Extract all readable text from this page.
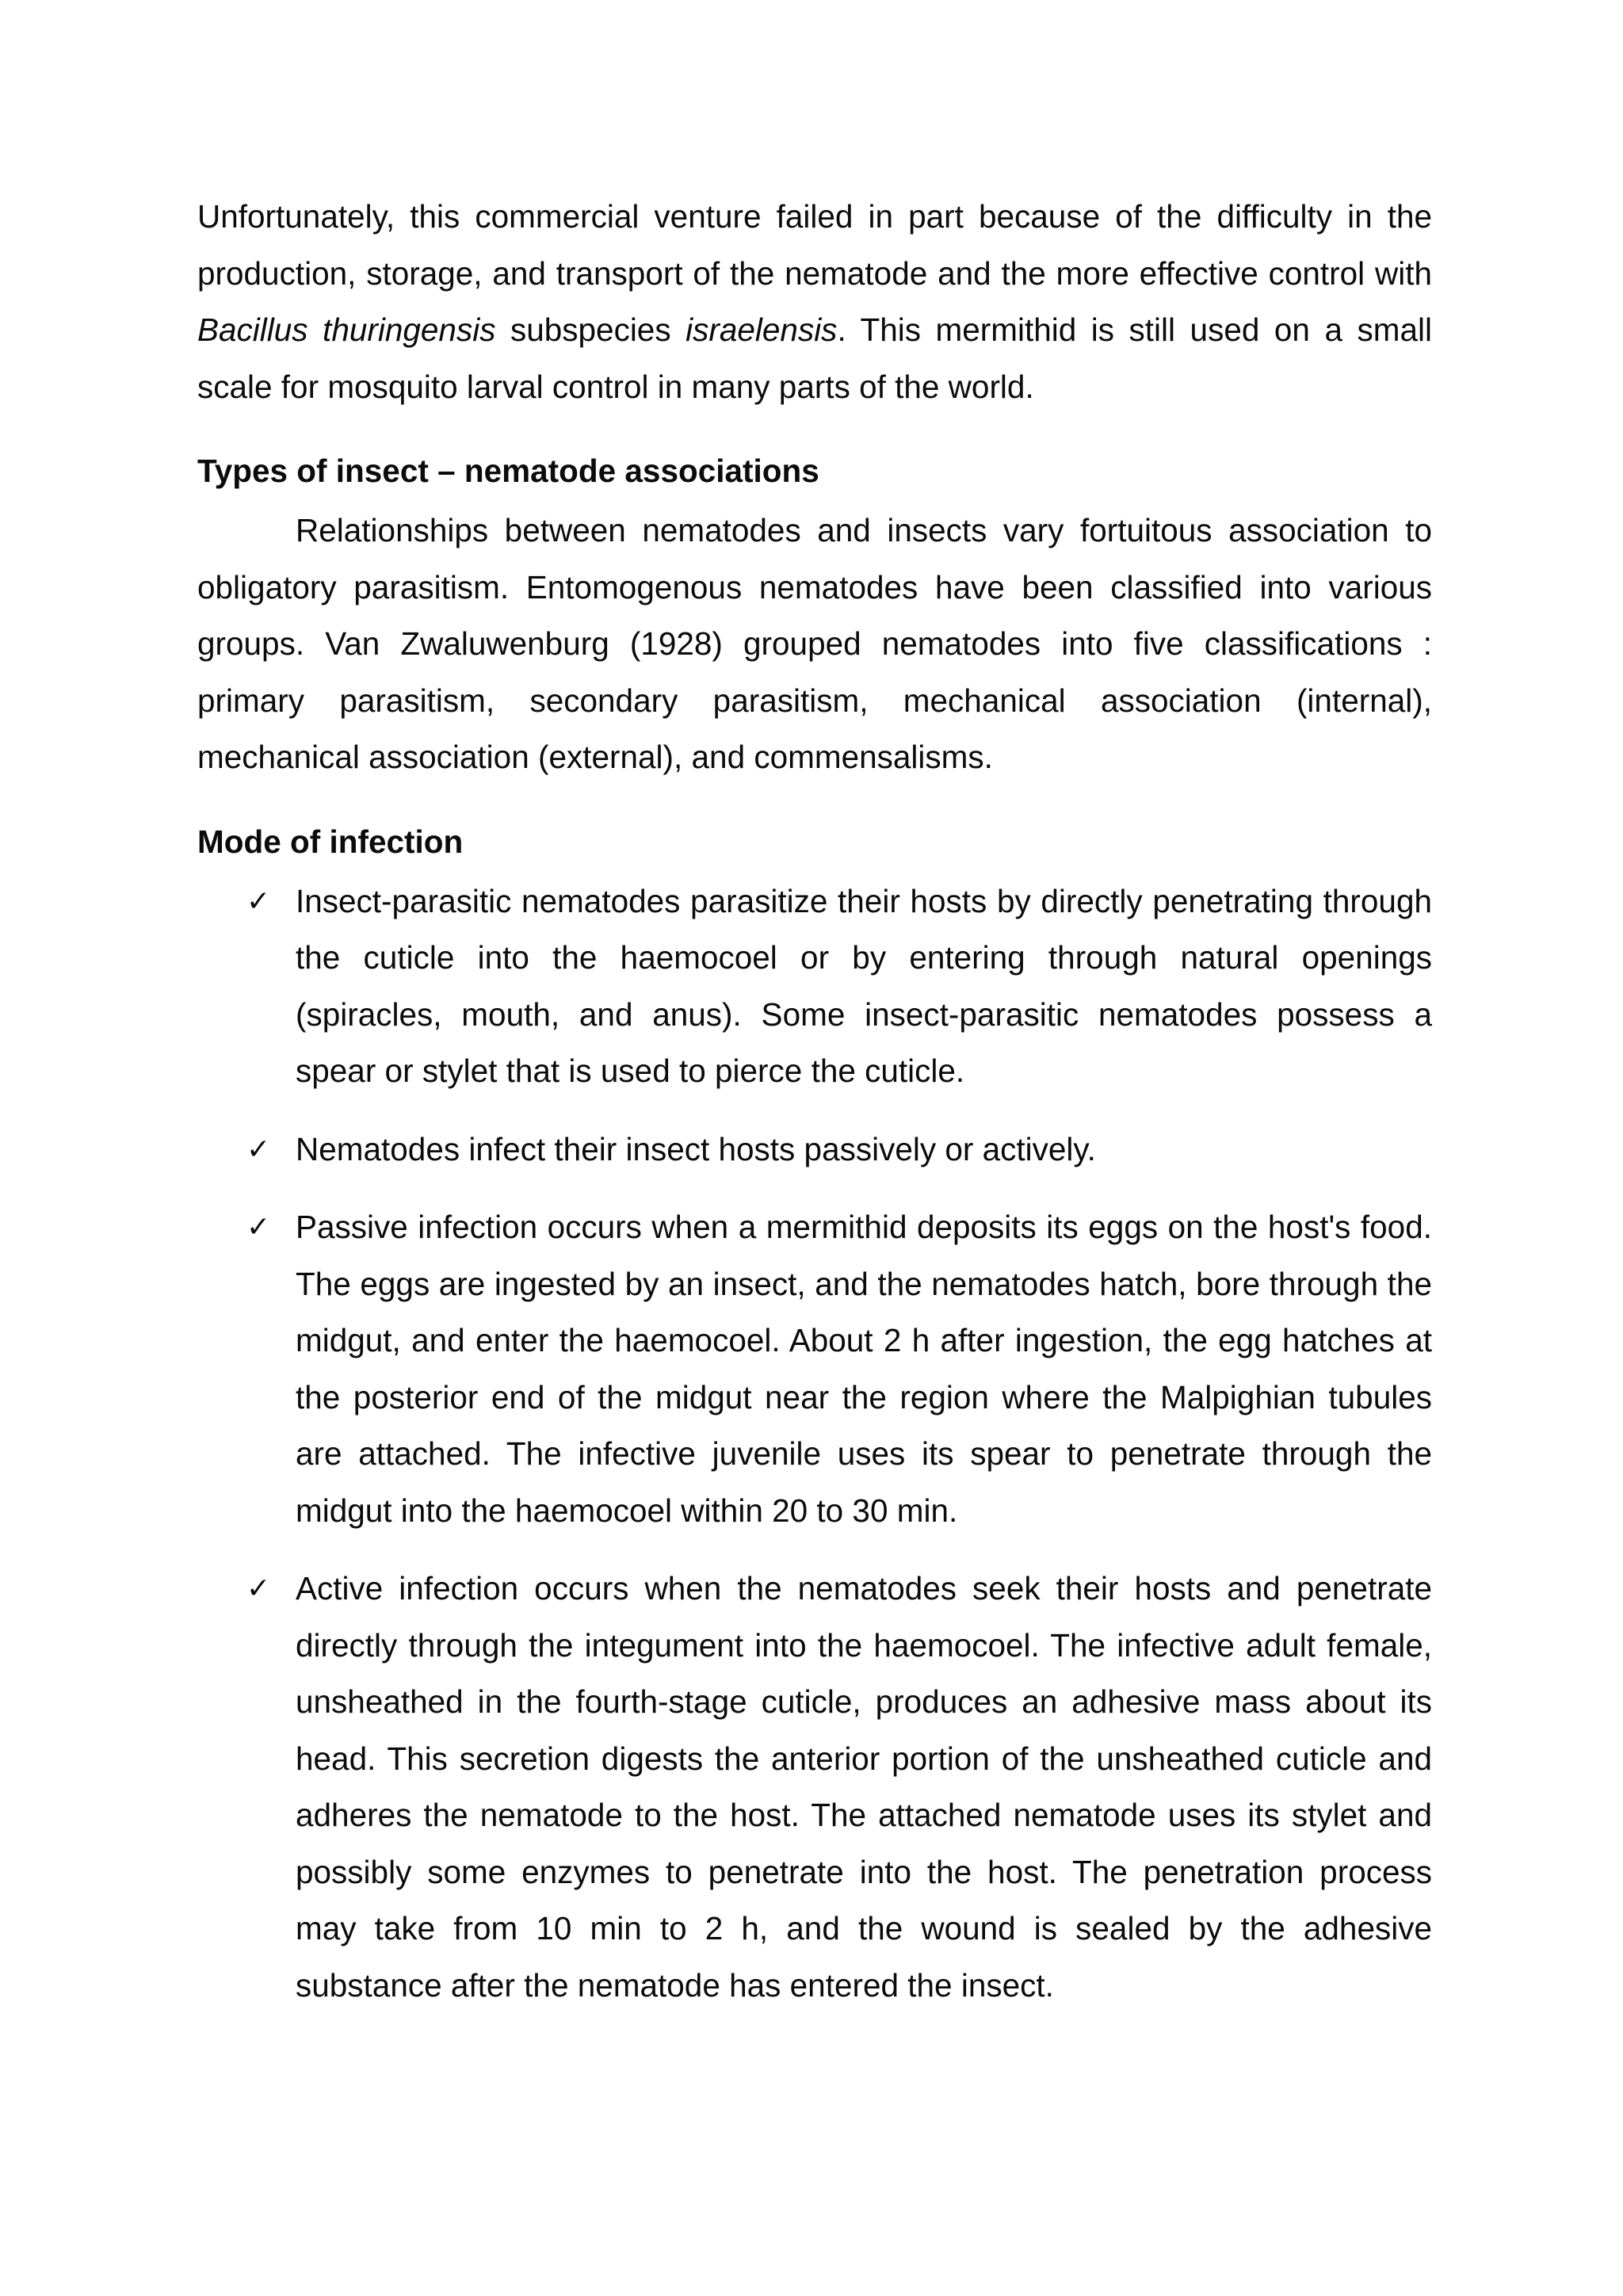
Unfortunately, this commercial venture failed in part because of the difficulty in the production, storage, and transport of the nematode and the more effective control with Bacillus thuringensis subspecies israelensis. This mermithid is still used on a small scale for mosquito larval control in many parts of the world.

Types of insect – nematode associations

Relationships between nematodes and insects vary fortuitous association to obligatory parasitism. Entomogenous nematodes have been classified into various groups. Van Zwaluwenburg (1928) grouped nematodes into five classifications : primary parasitism, secondary parasitism, mechanical association (internal), mechanical association (external), and commensalisms.

Mode of infection
✓ Insect-parasitic nematodes parasitize their hosts by directly penetrating through the cuticle into the haemocoel or by entering through natural openings (spiracles, mouth, and anus). Some insect-parasitic nematodes possess a spear or stylet that is used to pierce the cuticle.
✓ Nematodes infect their insect hosts passively or actively.
✓ Passive infection occurs when a mermithid deposits its eggs on the host's food. The eggs are ingested by an insect, and the nematodes hatch, bore through the midgut, and enter the haemocoel. About 2 h after ingestion, the egg hatches at the posterior end of the midgut near the region where the Malpighian tubules are attached. The infective juvenile uses its spear to penetrate through the midgut into the haemocoel within 20 to 30 min.
✓ Active infection occurs when the nematodes seek their hosts and penetrate directly through the integument into the haemocoel. The infective adult female, unsheathed in the fourth-stage cuticle, produces an adhesive mass about its head. This secretion digests the anterior portion of the unsheathed cuticle and adheres the nematode to the host. The attached nematode uses its stylet and possibly some enzymes to penetrate into the host. The penetration process may take from 10 min to 2 h, and the wound is sealed by the adhesive substance after the nematode has entered the insect.
